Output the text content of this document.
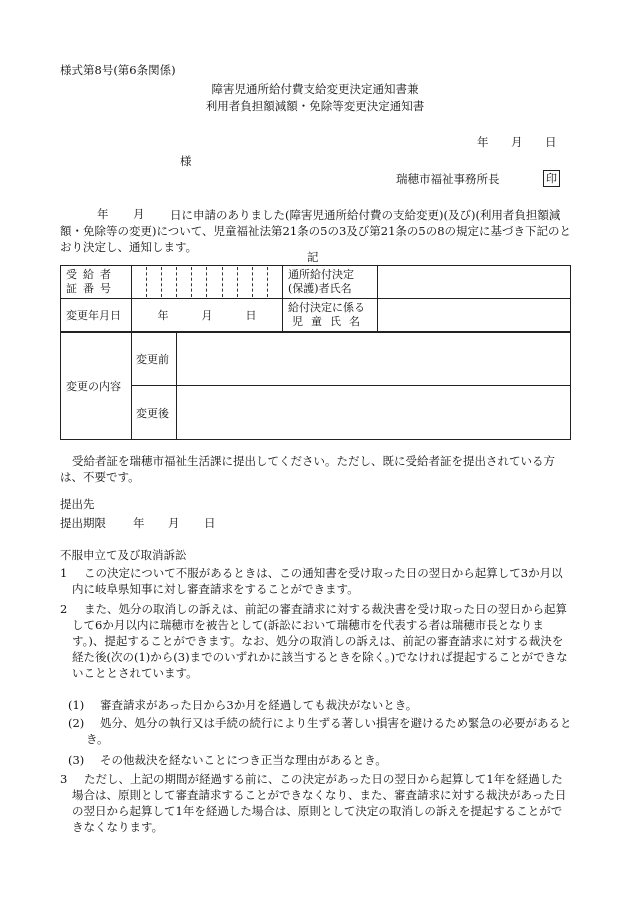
様式第8号(第6条関係)
障害児通所給付費支給変更決定通知書兼
利用者負担額減額・免除等変更決定通知書
年 月 日
様
瑞穂市福祉事務所長	印
年 月	日に申請のありました(障害児通所給付費の支給変更)(及び)(利用者負担額減額・免除等の変更)について、児童福祉法第21条の5の3及び第21条の5の8の規定に基づき下記のとおり決定し、通知します。
記
受給者証番号		通所給付決定
(保護)者氏名	

変更年月日	年 月 日	給付決定に係る
児童氏名	

変更の内容	変更前	
	変更後	
受給者証を瑞穂市福祉生活課に提出してください。ただし、既に受給者証を提出されている方は、不要です。
提出先
提出期限 年 月 日
不服申立て及び取消訴訟
1	この決定について不服があるときは、この通知書を受け取った日の翌日から起算して3か月以内に岐阜県知事に対し審査請求をすることができます。
2	また、処分の取消しの訴えは、前記の審査請求に対する裁決書を受け取った日の翌日から起算して6か月以内に瑞穂市を被告として(訴訟において瑞穂市を代表する者は瑞穂市長となります。)、提起することができます。なお、処分の取消しの訴えは、前記の審査請求に対する裁決を経た後(次の(1)から(3)までのいずれかに該当するときを除く。)でなければ提起することができないこととされています。
(1) 審査請求があった日から3か月を経過しても裁決がないとき。
(2)	処分、処分の執行又は手続の続行により生ずる著しい損害を避けるため緊急の必要があるとき。
(3) その他裁決を経ないことにつき正当な理由があるとき。
3	ただし、上記の期間が経過する前に、この決定があった日の翌日から起算して1年を経過した場合は、原則として審査請求することができなくなり、また、審査請求に対する裁決があった日の翌日から起算して1年を経過した場合は、原則として決定の取消しの訴えを提起することができなくなります。
